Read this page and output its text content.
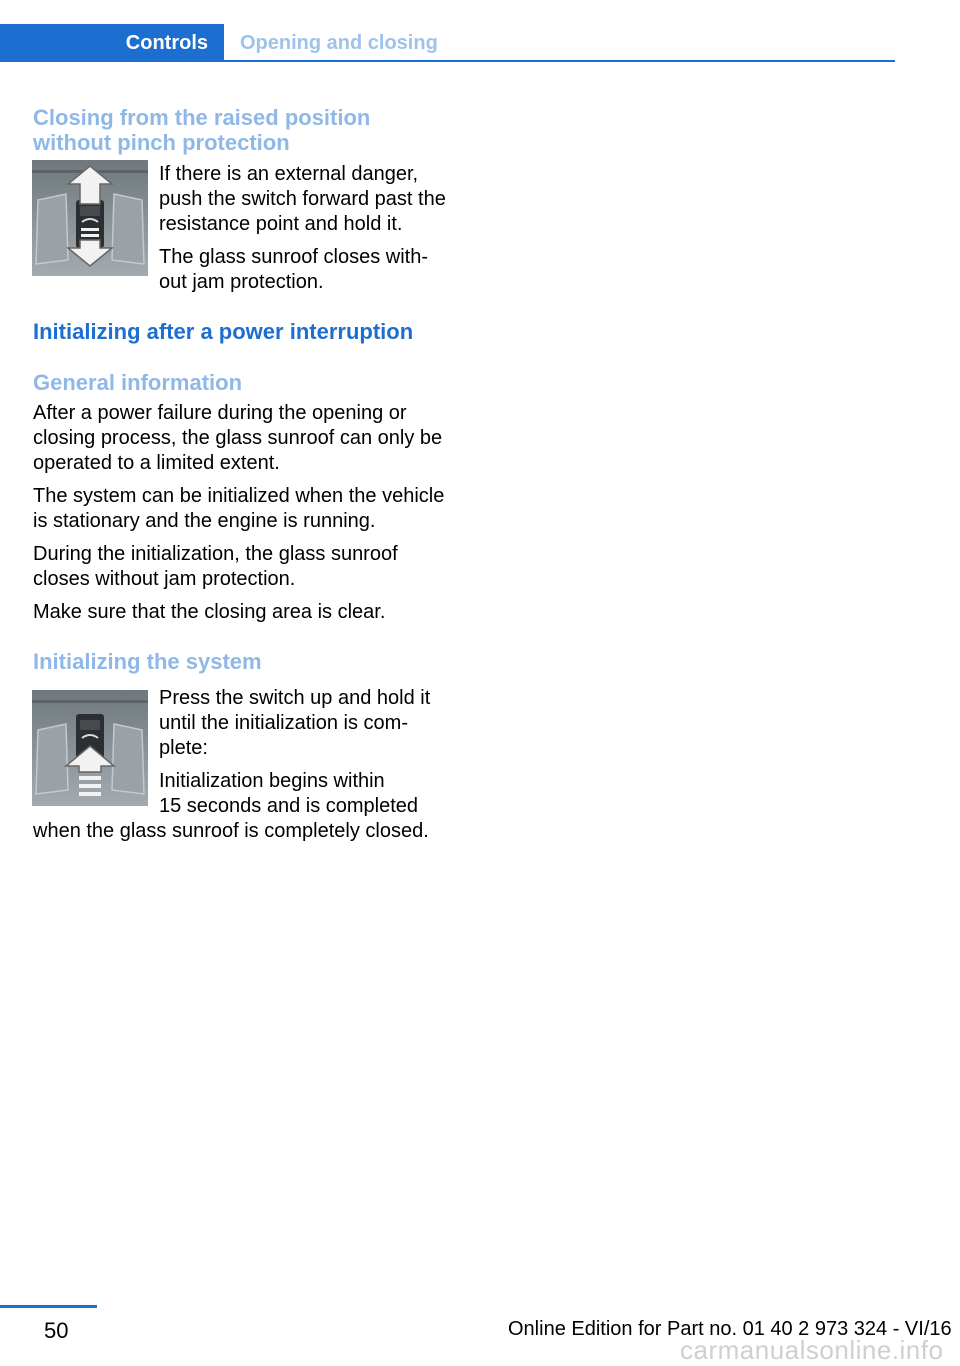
Controls Opening and closing

Closing from the raised position

without pinch protection

If there is an external danger,

push the switch forward past the

resistance point and hold it.

The glass sunroof closes with-

out jam protection.

Initializing after a power interruption

General information

After a power failure during the opening or

closing process, the glass sunroof can only be

operated to a limited extent.

The system can be initialized when the vehicle

is stationary and the engine is running.

During the initialization, the glass sunroof

closes without jam protection.

Make sure that the closing area is clear.

Initializing the system

Press the switch up and hold it

until the initialization is com-

plete:

Initialization begins within

15 seconds and is completed

when the glass sunroof is completely closed.

50	Online Edition for Part no. 01 40 2 973 324 - VI/16
carmanualsonline.info
